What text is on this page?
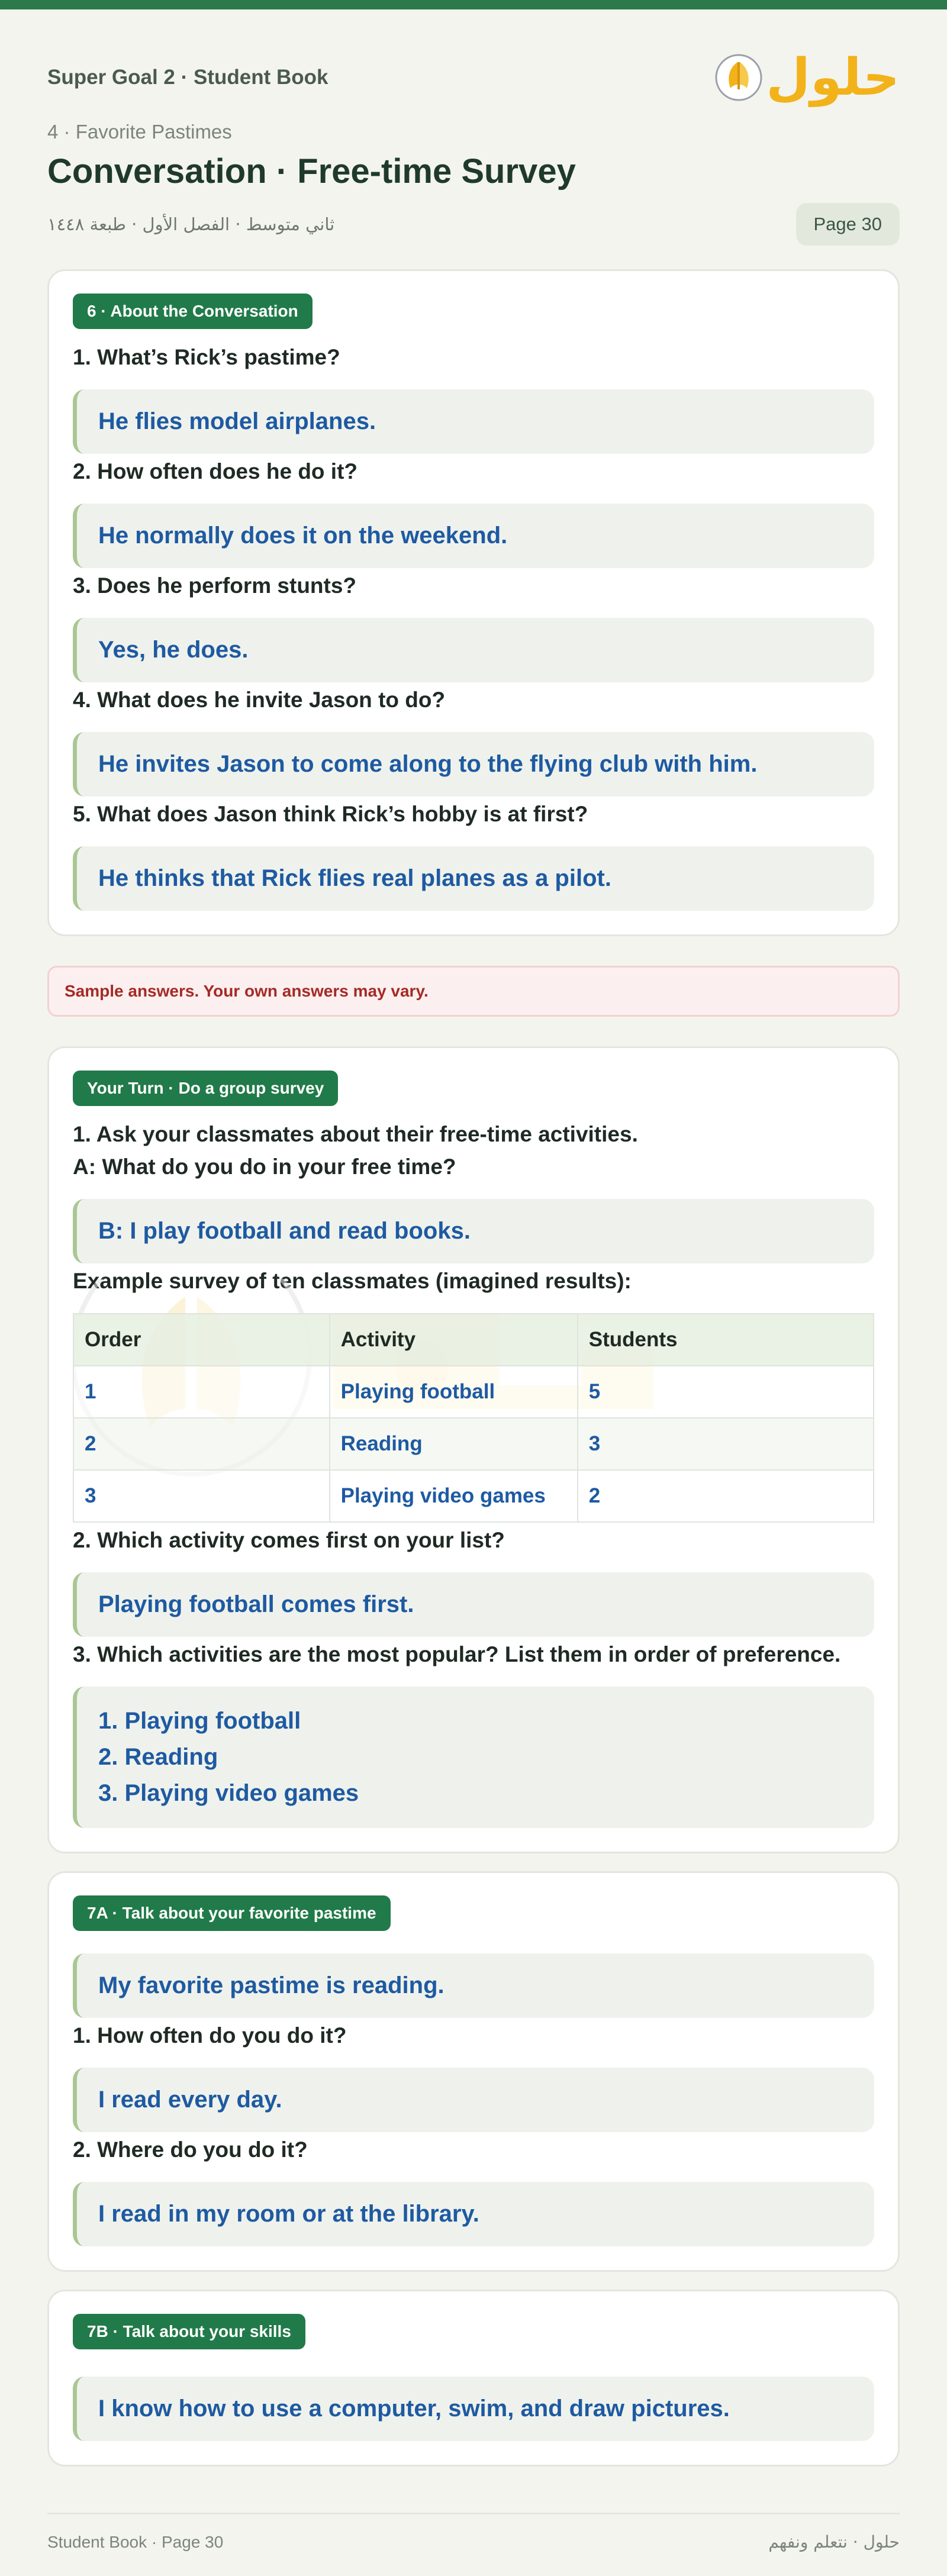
Super Goal 2 · Student Book	حلول
4 · Favorite Pastimes
Conversation · Free-time Survey
ثاني متوسط · الفصل الأول · طبعة ١٤٤٨	Page 30
6 · About the Conversation
1. What’s Rick’s pastime?
He flies model airplanes.
2. How often does he do it?
He normally does it on the weekend.
3. Does he perform stunts?
Yes, he does.
4. What does he invite Jason to do?
He invites Jason to come along to the flying club with him.
5. What does Jason think Rick’s hobby is at first?
He thinks that Rick flies real planes as a pilot.
Sample answers. Your own answers may vary.
Your Turn · Do a group survey
1. Ask your classmates about their free-time activities.
A: What do you do in your free time?
B: I play football and read books.
Example survey of ten classmates (imagined results):
Order	Activity	Students
1	Playing football	5
2	Reading	3
3	Playing video games	2
2. Which activity comes first on your list?
Playing football comes first.
3. Which activities are the most popular? List them in order of preference.
1. Playing football
2. Reading
3. Playing video games
7A · Talk about your favorite pastime
My favorite pastime is reading.
1. How often do you do it?
I read every day.
2. Where do you do it?
I read in my room or at the library.
7B · Talk about your skills
I know how to use a computer, swim, and draw pictures.
Student Book · Page 30	حلول · نتعلم ونفهم
